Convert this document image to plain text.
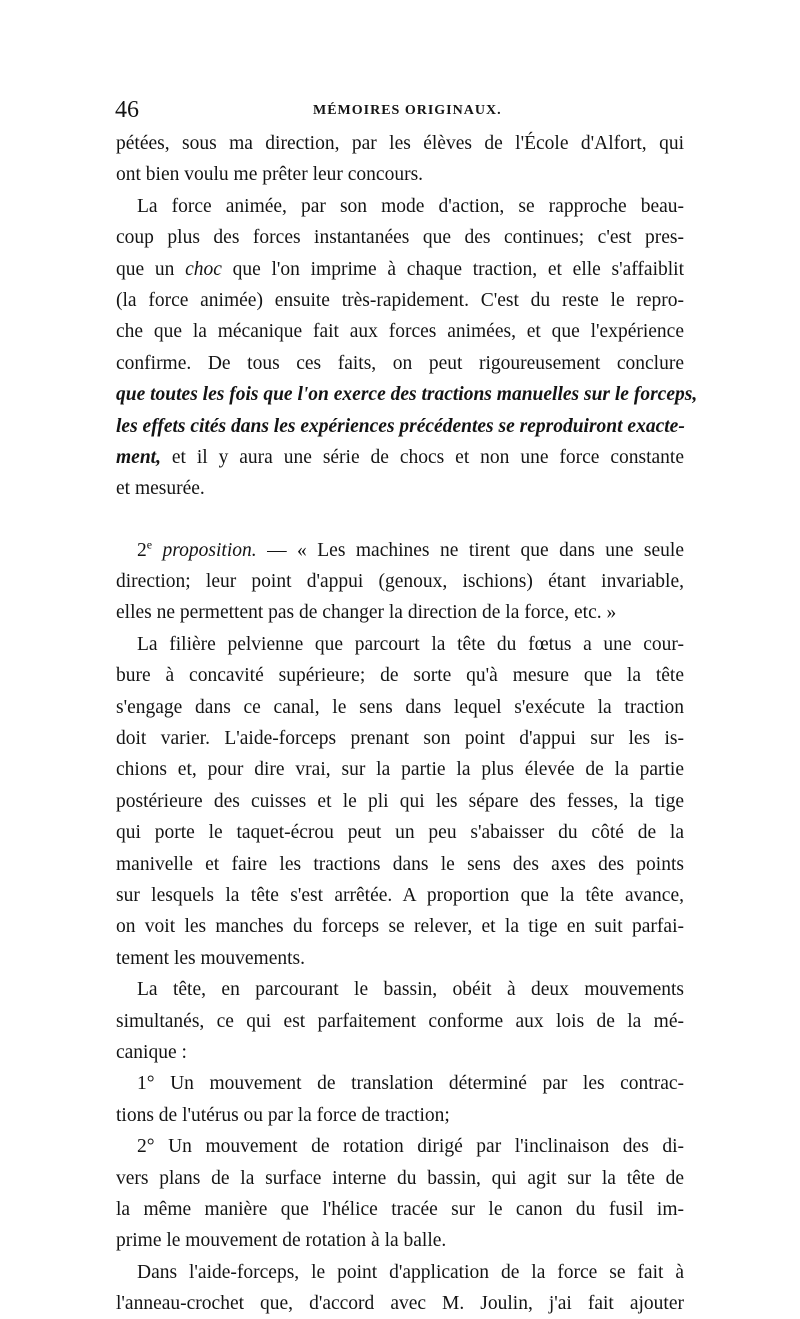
46	MÉMOIRES ORIGINAUX.
pétées, sous ma direction, par les élèves de l'École d'Alfort, qui
ont bien voulu me prêter leur concours.
La force animée, par son mode d'action, se rapproche beau-
coup plus des forces instantanées que des continues; c'est pres-
que un choc que l'on imprime à chaque traction, et elle s'affaiblit
(la force animée) ensuite très-rapidement. C'est du reste le repro-
che que la mécanique fait aux forces animées, et que l'expérience
confirme. De tous ces faits, on peut rigoureusement conclure
que toutes les fois que l'on exerce des tractions manuelles sur le forceps,
les effets cités dans les expériences précédentes se reproduiront exacte-
ment, et il y aura une série de chocs et non une force constante
et mesurée.
2e proposition. — « Les machines ne tirent que dans une seule
direction; leur point d'appui (genoux, ischions) étant invariable,
elles ne permettent pas de changer la direction de la force, etc. »
La filière pelvienne que parcourt la tête du fœtus a une cour-
bure à concavité supérieure; de sorte qu'à mesure que la tête
s'engage dans ce canal, le sens dans lequel s'exécute la traction
doit varier. L'aide-forceps prenant son point d'appui sur les is-
chions et, pour dire vrai, sur la partie la plus élevée de la partie
postérieure des cuisses et le pli qui les sépare des fesses, la tige
qui porte le taquet-écrou peut un peu s'abaisser du côté de la
manivelle et faire les tractions dans le sens des axes des points
sur lesquels la tête s'est arrêtée. A proportion que la tête avance,
on voit les manches du forceps se relever, et la tige en suit parfai-
tement les mouvements.
La tête, en parcourant le bassin, obéit à deux mouvements
simultanés, ce qui est parfaitement conforme aux lois de la mé-
canique :
1° Un mouvement de translation déterminé par les contrac-
tions de l'utérus ou par la force de traction;
2° Un mouvement de rotation dirigé par l'inclinaison des di-
vers plans de la surface interne du bassin, qui agit sur la tête de
la même manière que l'hélice tracée sur le canon du fusil im-
prime le mouvement de rotation à la balle.
Dans l'aide-forceps, le point d'application de la force se fait à
l'anneau-crochet que, d'accord avec M. Joulin, j'ai fait ajouter
